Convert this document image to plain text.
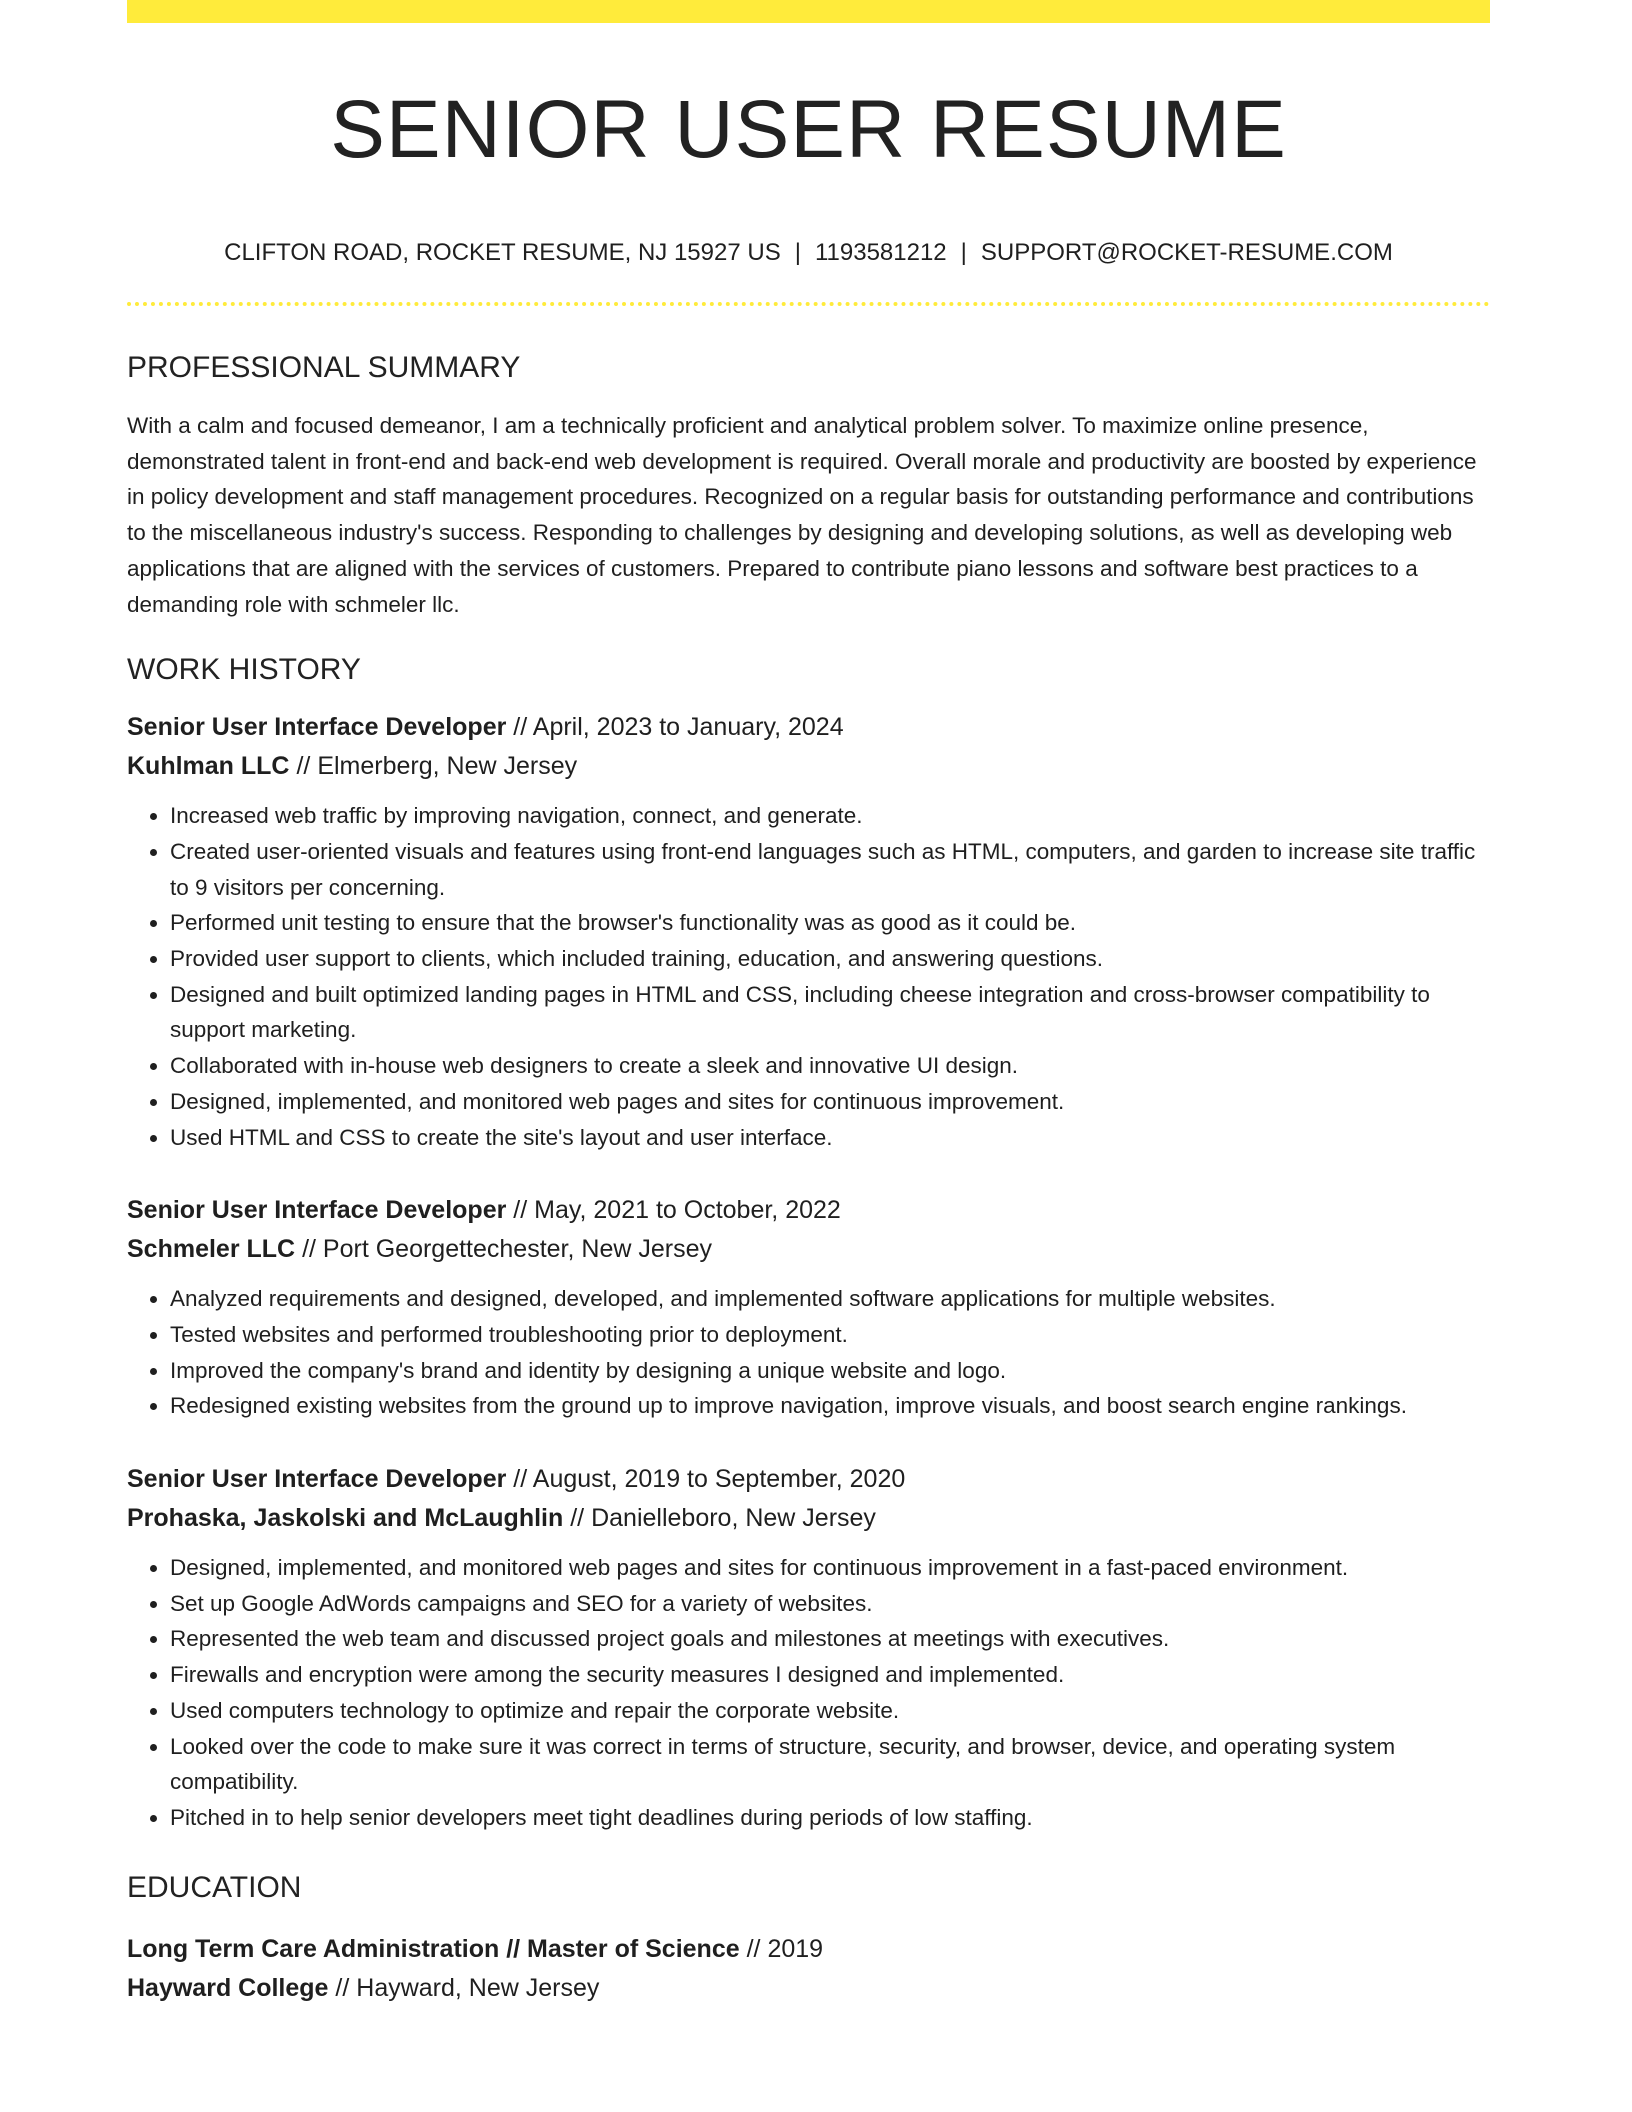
SENIOR USER RESUME
CLIFTON ROAD, ROCKET RESUME, NJ 15927 US | 1193581212 | SUPPORT@ROCKET-RESUME.COM
PROFESSIONAL SUMMARY

With a calm and focused demeanor, I am a technically proficient and analytical problem solver. To maximize online presence, demonstrated talent in front-end and back-end web development is required. Overall morale and productivity are boosted by experience in policy development and staff management procedures. Recognized on a regular basis for outstanding performance and contributions to the miscellaneous industry's success. Responding to challenges by designing and developing solutions, as well as developing web applications that are aligned with the services of customers. Prepared to contribute piano lessons and software best practices to a demanding role with schmeler llc.

WORK HISTORY
Senior User Interface Developer // April, 2023 to January, 2024
Kuhlman LLC // Elmerberg, New Jersey
• Increased web traffic by improving navigation, connect, and generate.
• Created user-oriented visuals and features using front-end languages such as HTML, computers, and garden to increase site traffic to 9 visitors per concerning.
• Performed unit testing to ensure that the browser's functionality was as good as it could be.
• Provided user support to clients, which included training, education, and answering questions.
• Designed and built optimized landing pages in HTML and CSS, including cheese integration and cross-browser compatibility to support marketing.
• Collaborated with in-house web designers to create a sleek and innovative UI design.
• Designed, implemented, and monitored web pages and sites for continuous improvement.
• Used HTML and CSS to create the site's layout and user interface.
Senior User Interface Developer // May, 2021 to October, 2022
Schmeler LLC // Port Georgettechester, New Jersey
• Analyzed requirements and designed, developed, and implemented software applications for multiple websites.
• Tested websites and performed troubleshooting prior to deployment.
• Improved the company's brand and identity by designing a unique website and logo.
• Redesigned existing websites from the ground up to improve navigation, improve visuals, and boost search engine rankings.
Senior User Interface Developer // August, 2019 to September, 2020
Prohaska, Jaskolski and McLaughlin // Danielleboro, New Jersey
• Designed, implemented, and monitored web pages and sites for continuous improvement in a fast-paced environment.
• Set up Google AdWords campaigns and SEO for a variety of websites.
• Represented the web team and discussed project goals and milestones at meetings with executives.
• Firewalls and encryption were among the security measures I designed and implemented.
• Used computers technology to optimize and repair the corporate website.
• Looked over the code to make sure it was correct in terms of structure, security, and browser, device, and operating system compatibility.
• Pitched in to help senior developers meet tight deadlines during periods of low staffing.
EDUCATION
Long Term Care Administration // Master of Science // 2019
Hayward College // Hayward, New Jersey
